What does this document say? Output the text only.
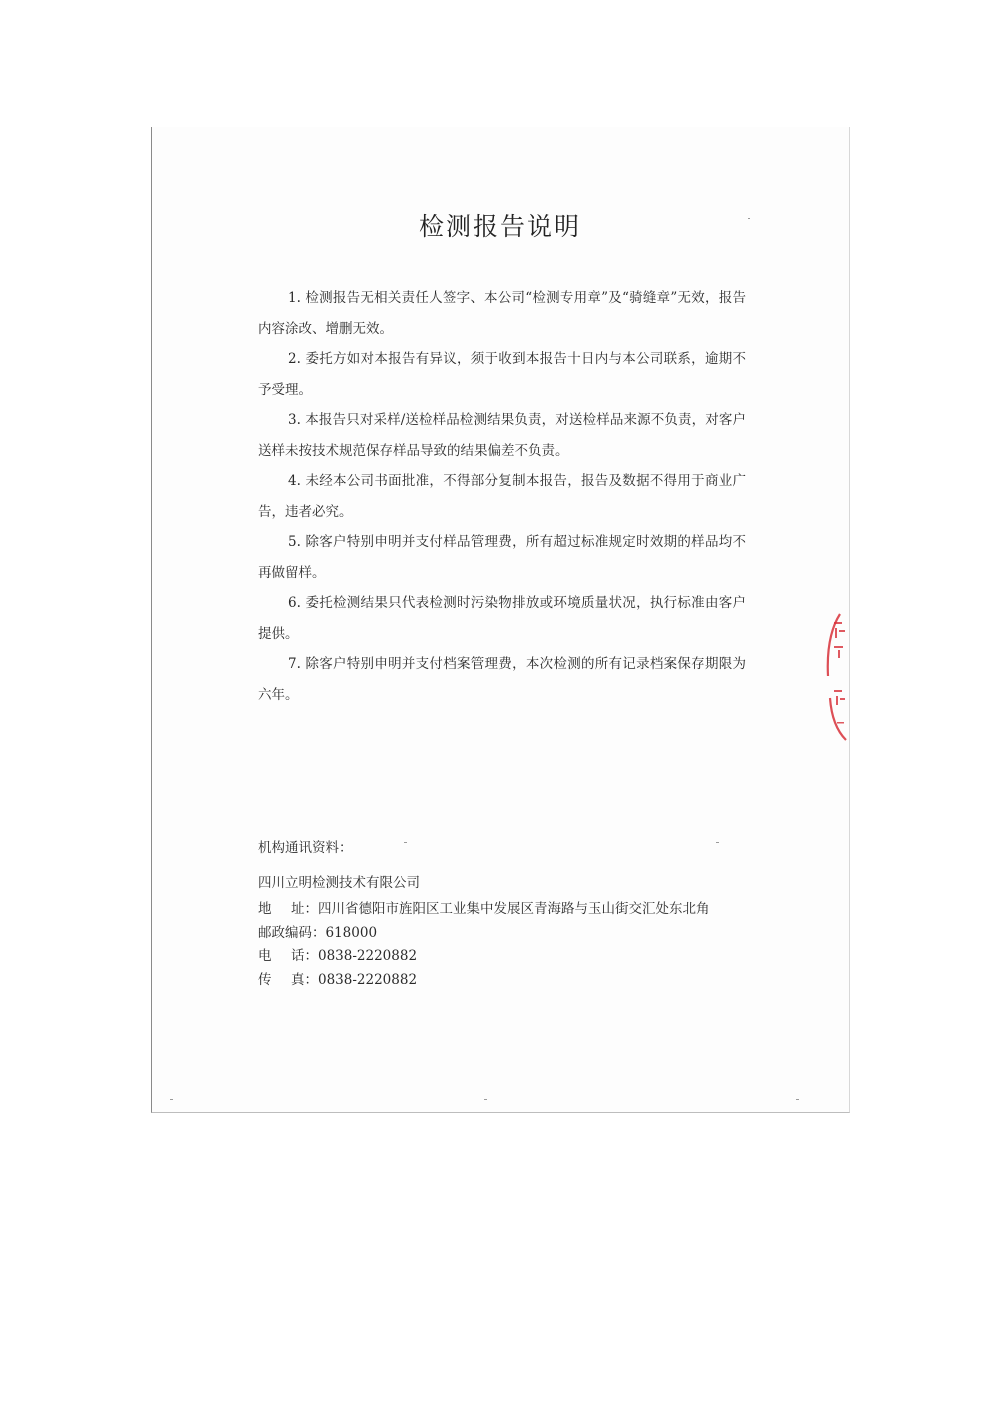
检测报告说明

1. 检测报告无相关责任人签字、本公司“检测专用章”及“骑缝章”无效，报告内容涂改、增删无效。

2. 委托方如对本报告有异议，须于收到本报告十日内与本公司联系，逾期不予受理。

3. 本报告只对采样/送检样品检测结果负责，对送检样品来源不负责，对客户送样未按技术规范保存样品导致的结果偏差不负责。

4. 未经本公司书面批准，不得部分复制本报告，报告及数据不得用于商业广告，违者必究。

5. 除客户特别申明并支付样品管理费，所有超过标准规定时效期的样品均不再做留样。

6. 委托检测结果只代表检测时污染物排放或环境质量状况，执行标准由客户提供。

7. 除客户特别申明并支付档案管理费，本次检测的所有记录档案保存期限为六年。

机构通讯资料：
四川立明检测技术有限公司
地 址： 四川省德阳市旌阳区工业集中发展区青海路与玉山街交汇处东北角
邮政编码： 618000
电 话： 0838-2220882
传 真： 0838-2220882
